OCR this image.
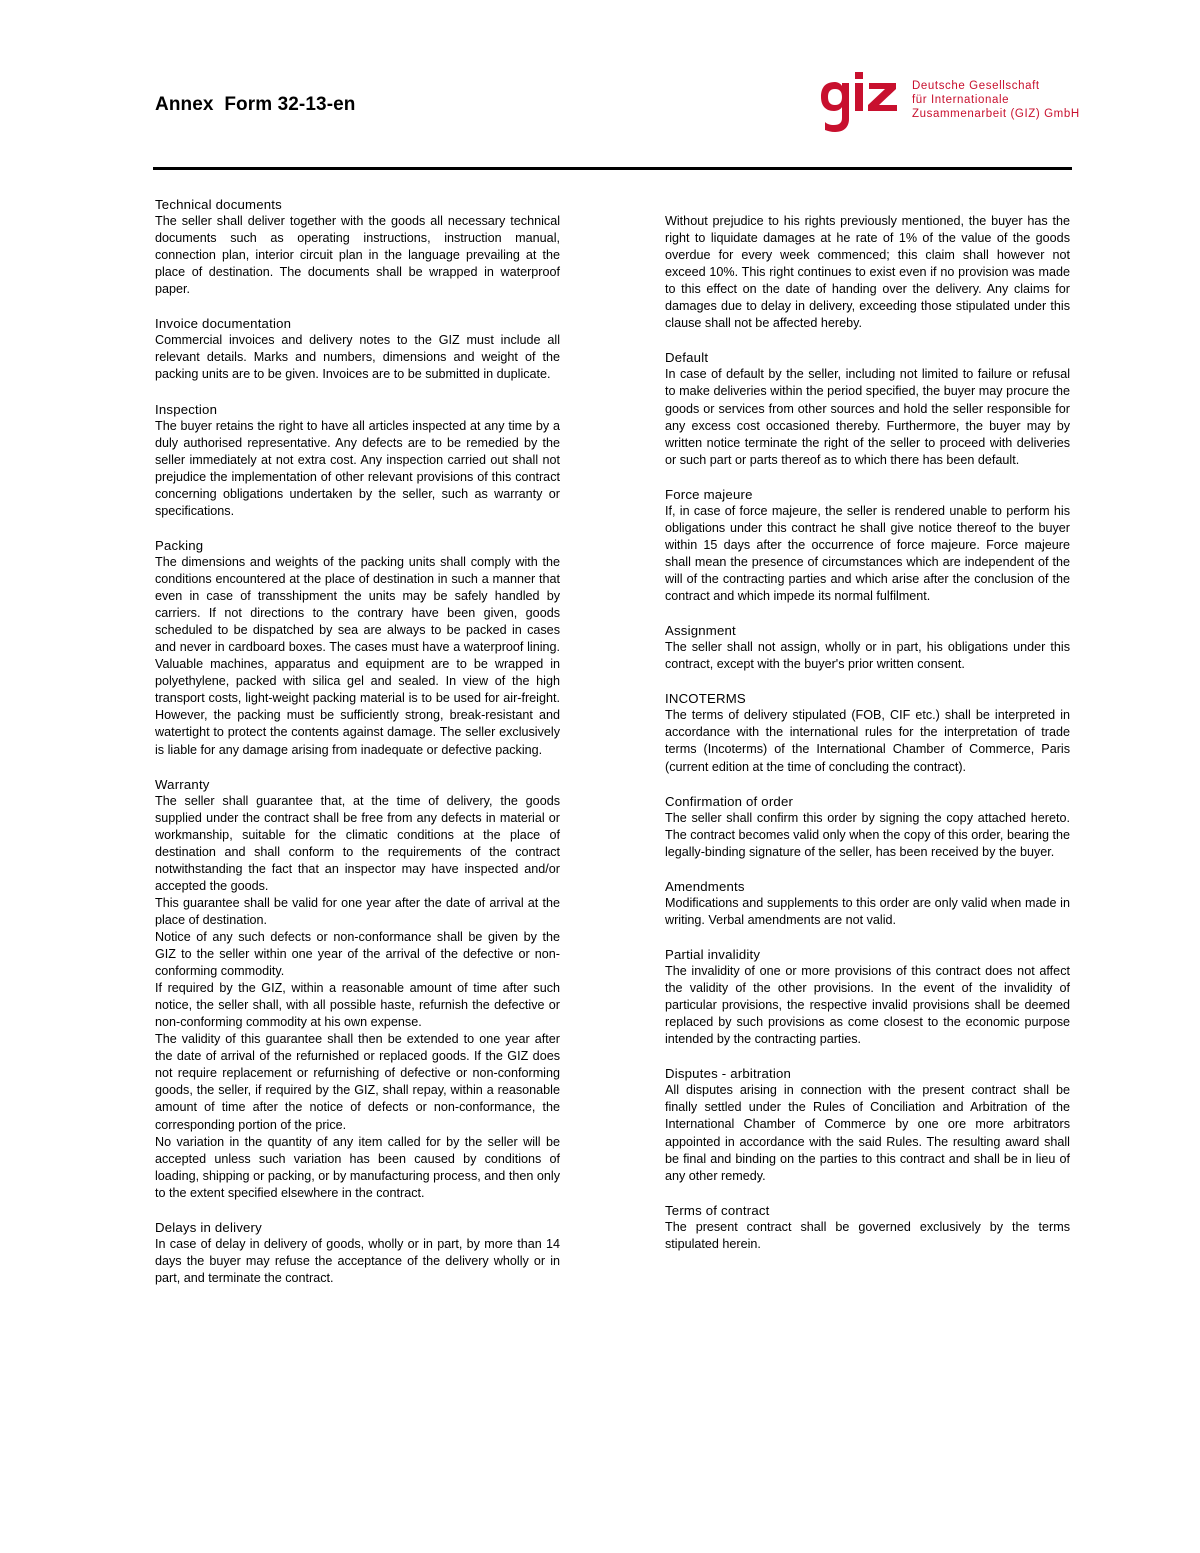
Annex  Form 32-13-en
Deutsche Gesellschaft
für Internationale
Zusammenarbeit (GIZ) GmbH
Technical documents
The seller shall deliver together with the goods all necessary technical documents such as operating instructions, instruction manual, connection plan, interior circuit plan in the language prevailing at the place of destination. The documents shall be wrapped in waterproof paper.
Invoice documentation
Commercial invoices and delivery notes to the GIZ must include all relevant details. Marks and numbers, dimensions and weight of the packing units are to be given. Invoices are to be submitted in duplicate.
Inspection
The buyer retains the right to have all articles inspected at any time by a duly authorised representative. Any defects are to be remedied by the seller immediately at not extra cost. Any inspection carried out shall not prejudice the implementation of other relevant provisions of this contract concerning obligations undertaken by the seller, such as warranty or specifications.
Packing
The dimensions and weights of the packing units shall comply with the conditions encountered at the place of destination in such a manner that even in case of transshipment the units may be safely handled by carriers. If not directions to the contrary have been given, goods scheduled to be dispatched by sea are always to be packed in cases and never in cardboard boxes. The cases must have a waterproof lining. Valuable machines, apparatus and equipment are to be wrapped in polyethylene, packed with silica gel and sealed. In view of the high transport costs, light-weight packing material is to be used for air-freight. However, the packing must be sufficiently strong, break-resistant and watertight to protect the contents against damage. The seller exclusively is liable for any damage arising from inadequate or defective packing.
Warranty
The seller shall guarantee that, at the time of delivery, the goods supplied under the contract shall be free from any defects in material or workmanship, suitable for the climatic conditions at the place of destination and shall conform to the requirements of the contract notwithstanding the fact that an inspector may have inspected and/or accepted the goods.
This guarantee shall be valid for one year after the date of arrival at the place of destination.
Notice of any such defects or non-conformance shall be given by the GIZ to the seller within one year of the arrival of the defective or non-conforming commodity.
If required by the GIZ, within a reasonable amount of time after such notice, the seller shall, with all possible haste, refurnish the defective or non-conforming commodity at his own expense.
The validity of this guarantee shall then be extended to one year after the date of arrival of the refurnished or replaced goods. If the GIZ does not require replacement or refurnishing of defective or non-conforming goods, the seller, if required by the GIZ, shall repay, within a reasonable amount of time after the notice of defects or non-conformance, the corresponding portion of the price.
No variation in the quantity of any item called for by the seller will be accepted unless such variation has been caused by conditions of loading, shipping or packing, or by manufacturing process, and then only to the extent specified elsewhere in the contract.
Delays in delivery
In case of delay in delivery of goods, wholly or in part, by more than 14 days the buyer may refuse the acceptance of the delivery wholly or in part, and terminate the contract.
Without prejudice to his rights previously mentioned, the buyer has the right to liquidate damages at he rate of 1% of the value of the goods overdue for every week commenced; this claim shall however not exceed 10%. This right continues to exist even if no provision was made to this effect on the date of handing over the delivery. Any claims for damages due to delay in delivery, exceeding those stipulated under this clause shall not be affected hereby.
Default
In case of default by the seller, including not limited to failure or refusal to make deliveries within the period specified, the buyer may procure the goods or services from other sources and hold the seller responsible for any excess cost occasioned thereby. Furthermore, the buyer may by written notice terminate the right of the seller to proceed with deliveries or such part or parts thereof as to which there has been default.
Force majeure
If, in case of force majeure, the seller is rendered unable to perform his obligations under this contract he shall give notice thereof to the buyer within 15 days after the occurrence of force majeure. Force majeure shall mean the presence of circumstances which are independent of the will of the contracting parties and which arise after the conclusion of the contract and which impede its normal fulfilment.
Assignment
The seller shall not assign, wholly or in part, his obligations under this contract, except with the buyer's prior written consent.
INCOTERMS
The terms of delivery stipulated (FOB, CIF etc.) shall be interpreted in accordance with the international rules for the interpretation of trade terms (Incoterms) of the International Chamber of Commerce, Paris (current edition at the time of concluding the contract).
Confirmation of order
The seller shall confirm this order by signing the copy attached hereto. The contract becomes valid only when the copy of this order, bearing the legally-binding signature of the seller, has been received by the buyer.
Amendments
Modifications and supplements to this order are only valid when made in writing. Verbal amendments are not valid.
Partial invalidity
The invalidity of one or more provisions of this contract does not affect the validity of the other provisions. In the event of the invalidity of particular provisions, the respective invalid provisions shall be deemed replaced by such provisions as come closest to the economic purpose intended by the contracting parties.
Disputes - arbitration
All disputes arising in connection with the present contract shall be finally settled under the Rules of Conciliation and Arbitration of the International Chamber of Commerce by one ore more arbitrators appointed in accordance with the said Rules. The resulting award shall be final and binding on the parties to this contract and shall be in lieu of any other remedy.
Terms of contract
The present contract shall be governed exclusively by the terms stipulated herein.
